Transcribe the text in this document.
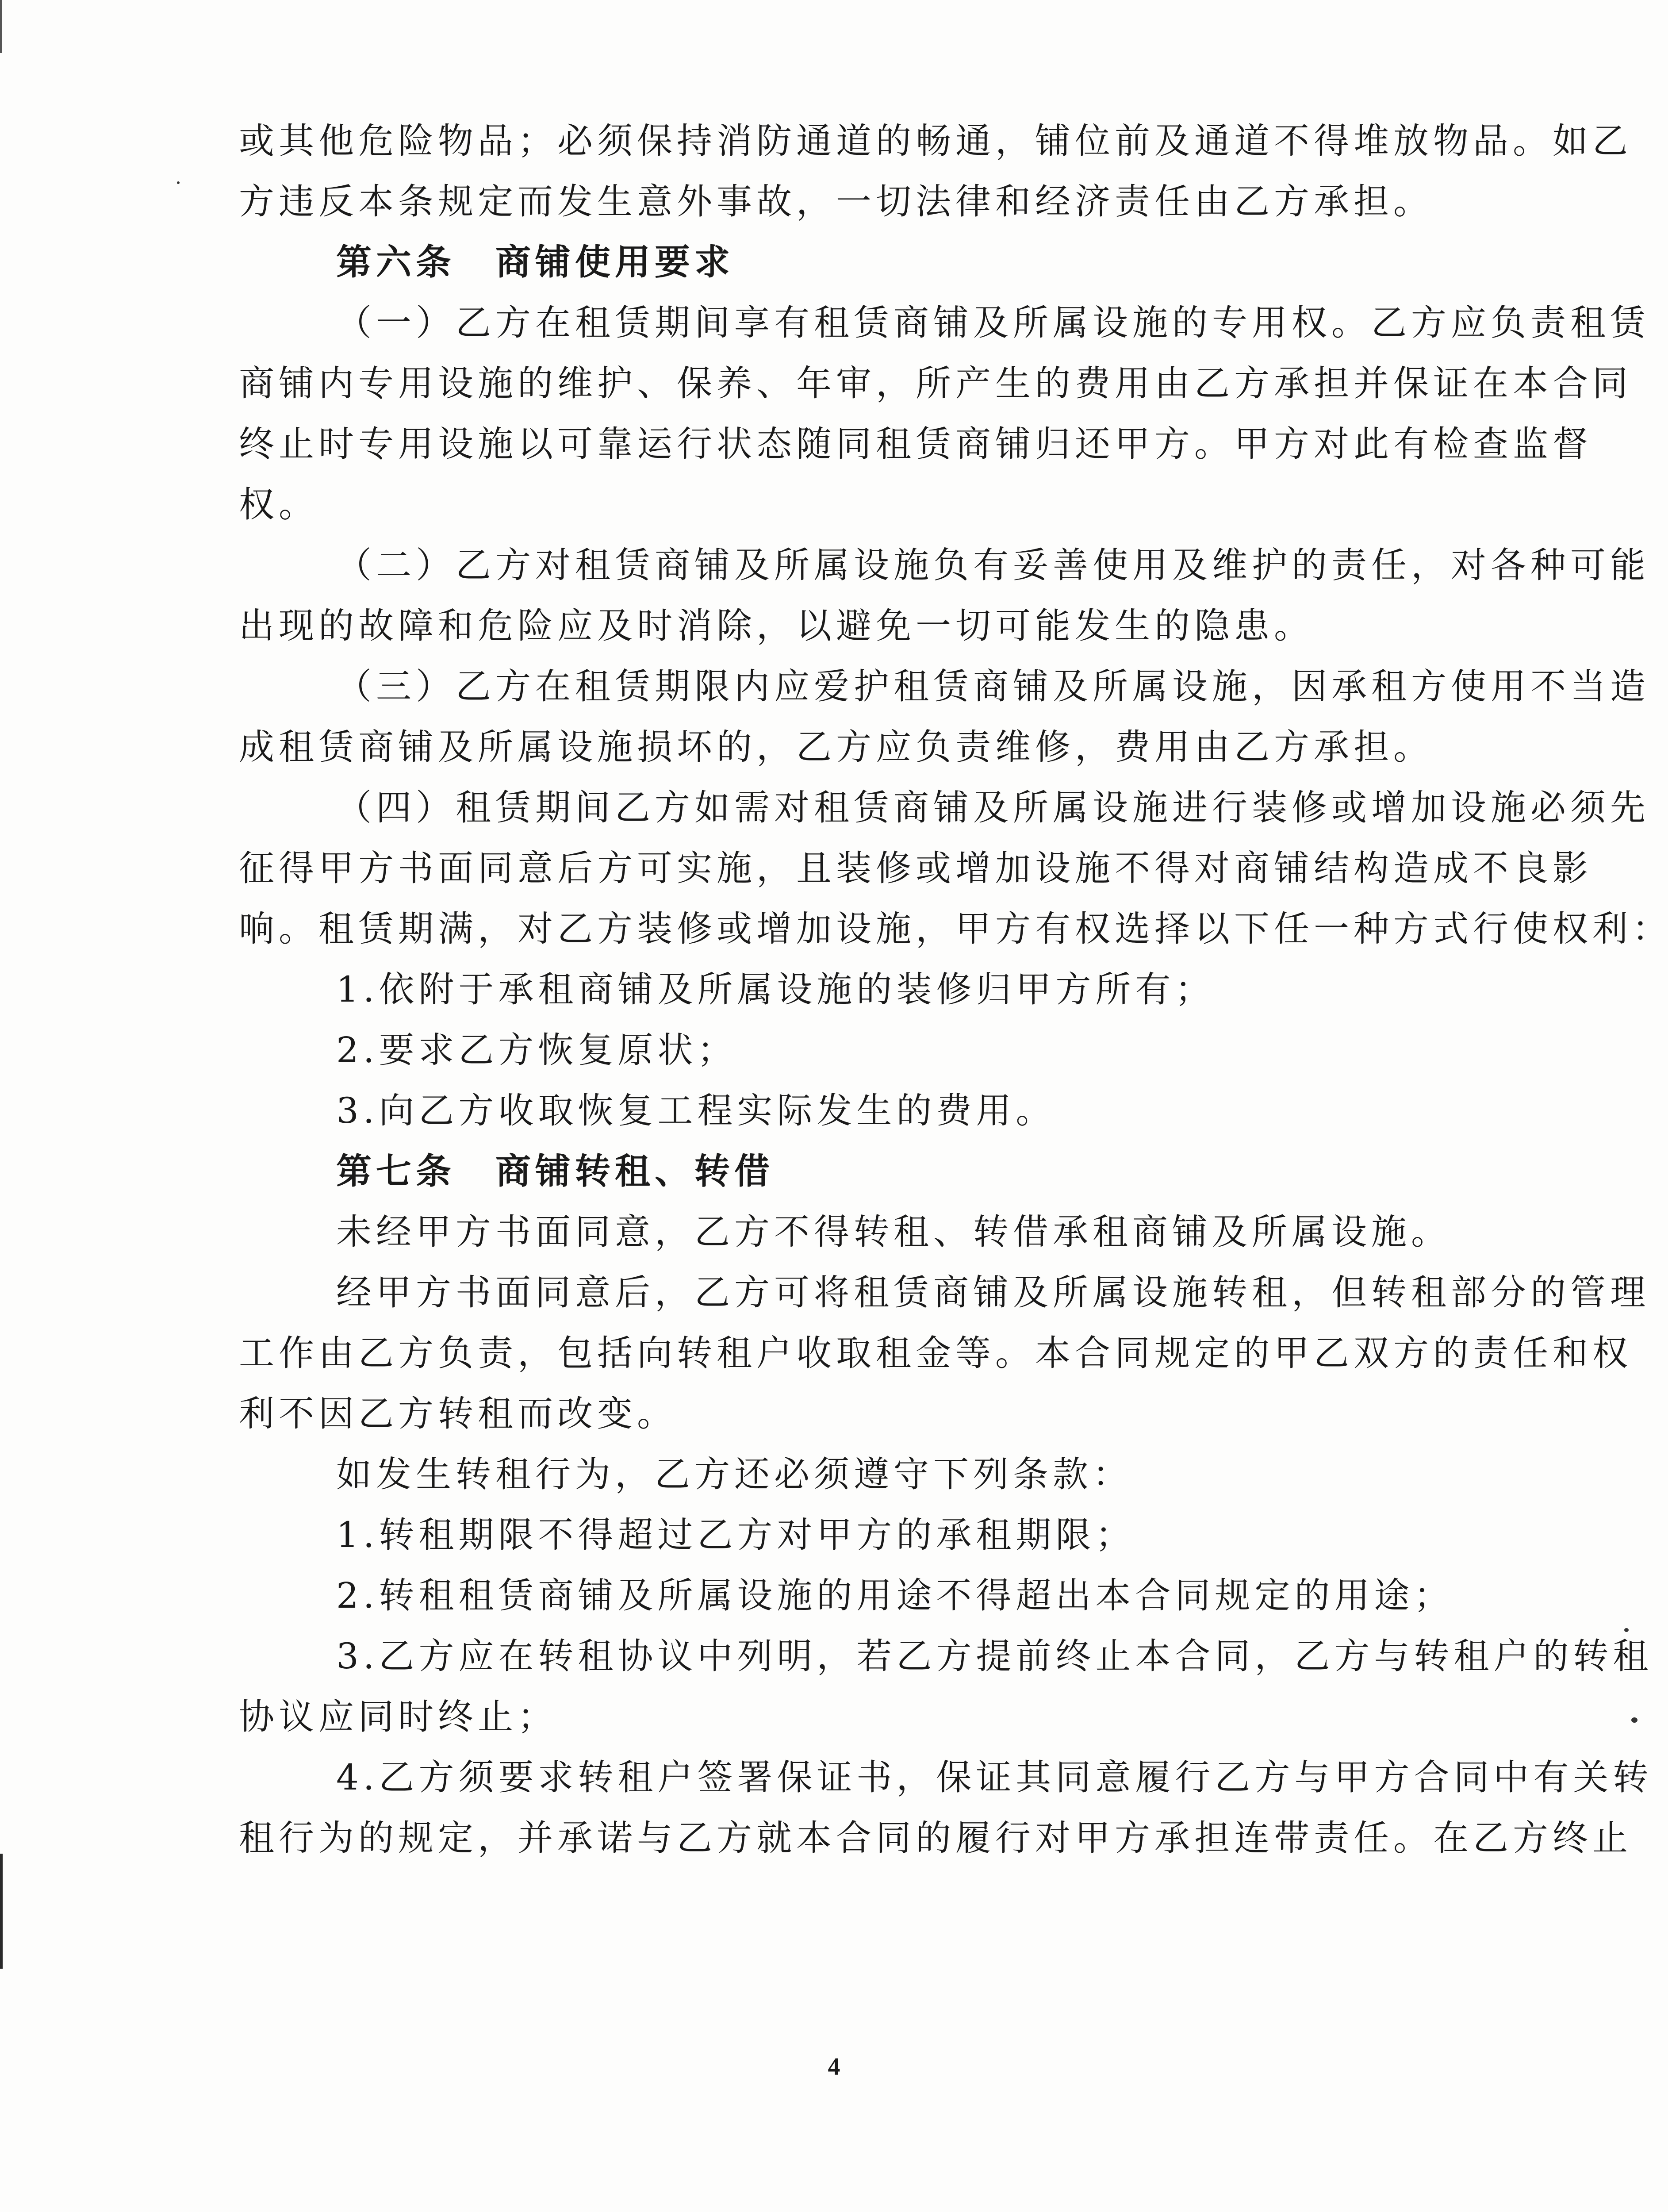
或其他危险物品；必须保持消防通道的畅通，铺位前及通道不得堆放物品。如乙
方违反本条规定而发生意外事故，一切法律和经济责任由乙方承担。
第六条 商铺使用要求
（一）乙方在租赁期间享有租赁商铺及所属设施的专用权。乙方应负责租赁
商铺内专用设施的维护、保养、年审，所产生的费用由乙方承担并保证在本合同
终止时专用设施以可靠运行状态随同租赁商铺归还甲方。甲方对此有检查监督
权。
（二）乙方对租赁商铺及所属设施负有妥善使用及维护的责任，对各种可能
出现的故障和危险应及时消除，以避免一切可能发生的隐患。
（三）乙方在租赁期限内应爱护租赁商铺及所属设施，因承租方使用不当造
成租赁商铺及所属设施损坏的，乙方应负责维修，费用由乙方承担。
（四）租赁期间乙方如需对租赁商铺及所属设施进行装修或增加设施必须先
征得甲方书面同意后方可实施，且装修或增加设施不得对商铺结构造成不良影
响。租赁期满，对乙方装修或增加设施，甲方有权选择以下任一种方式行使权利：
1.依附于承租商铺及所属设施的装修归甲方所有；
2.要求乙方恢复原状；
3.向乙方收取恢复工程实际发生的费用。
第七条 商铺转租、转借
未经甲方书面同意，乙方不得转租、转借承租商铺及所属设施。
经甲方书面同意后，乙方可将租赁商铺及所属设施转租，但转租部分的管理
工作由乙方负责，包括向转租户收取租金等。本合同规定的甲乙双方的责任和权
利不因乙方转租而改变。
如发生转租行为，乙方还必须遵守下列条款：
1.转租期限不得超过乙方对甲方的承租期限；
2.转租租赁商铺及所属设施的用途不得超出本合同规定的用途；
3.乙方应在转租协议中列明，若乙方提前终止本合同，乙方与转租户的转租
协议应同时终止；
4.乙方须要求转租户签署保证书，保证其同意履行乙方与甲方合同中有关转
租行为的规定，并承诺与乙方就本合同的履行对甲方承担连带责任。在乙方终止
4
